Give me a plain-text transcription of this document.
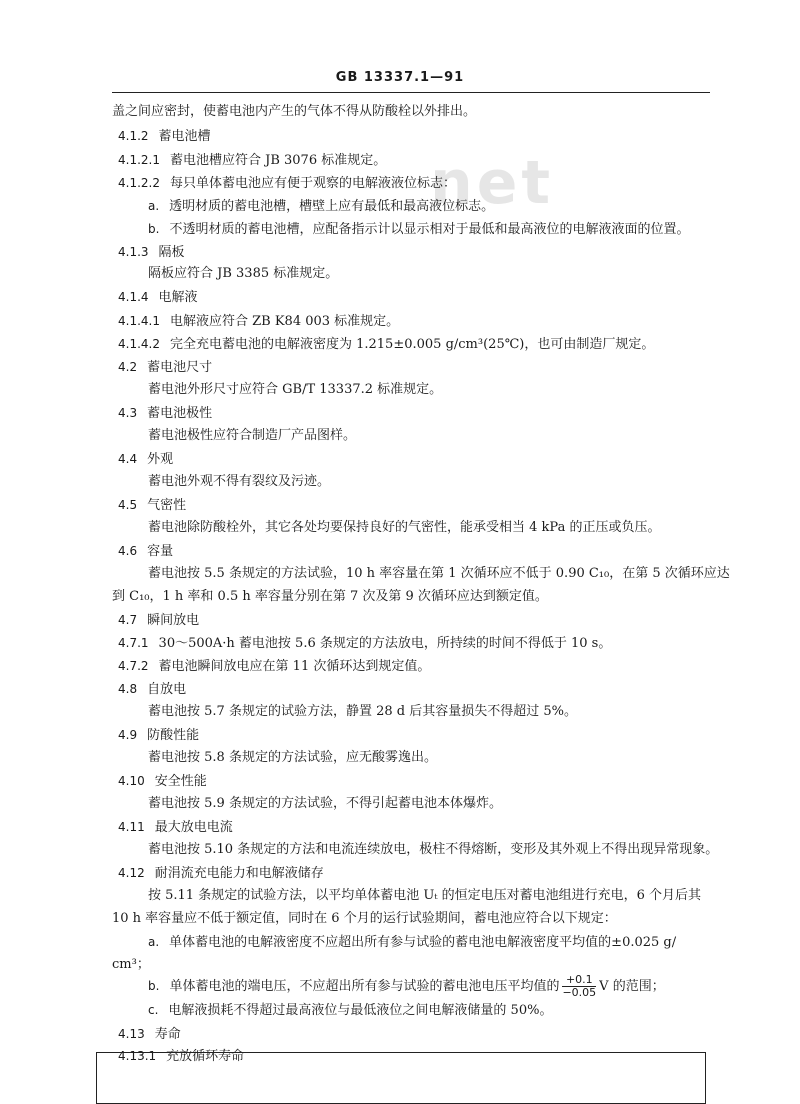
GB 13337.1—91
net
盖之间应密封，使蓄电池内产生的气体不得从防酸栓以外排出。
4.1.2 蓄电池槽
4.1.2.1 蓄电池槽应符合 JB 3076 标准规定。
4.1.2.2 每只单体蓄电池应有便于观察的电解液液位标志：
a. 透明材质的蓄电池槽，槽壁上应有最低和最高液位标志。
b. 不透明材质的蓄电池槽，应配备指示计以显示相对于最低和最高液位的电解液液面的位置。
4.1.3 隔板
隔板应符合 JB 3385 标准规定。
4.1.4 电解液
4.1.4.1 电解液应符合 ZB K84 003 标准规定。
4.1.4.2 完全充电蓄电池的电解液密度为 1.215±0.005 g/cm³(25℃)，也可由制造厂规定。
4.2 蓄电池尺寸
蓄电池外形尺寸应符合 GB/T 13337.2 标准规定。
4.3 蓄电池极性
蓄电池极性应符合制造厂产品图样。
4.4 外观
蓄电池外观不得有裂纹及污迹。
4.5 气密性
蓄电池除防酸栓外，其它各处均要保持良好的气密性，能承受相当 4 kPa 的正压或负压。
4.6 容量
蓄电池按 5.5 条规定的方法试验，10 h 率容量在第 1 次循环应不低于 0.90 C₁₀，在第 5 次循环应达
到 C₁₀，1 h 率和 0.5 h 率容量分别在第 7 次及第 9 次循环应达到额定值。
4.7 瞬间放电
4.7.1 30～500A·h 蓄电池按 5.6 条规定的方法放电，所持续的时间不得低于 10 s。
4.7.2 蓄电池瞬间放电应在第 11 次循环达到规定值。
4.8 自放电
蓄电池按 5.7 条规定的试验方法，静置 28 d 后其容量损失不得超过 5%。
4.9 防酸性能
蓄电池按 5.8 条规定的方法试验，应无酸雾逸出。
4.10 安全性能
蓄电池按 5.9 条规定的方法试验，不得引起蓄电池本体爆炸。
4.11 最大放电电流
蓄电池按 5.10 条规定的方法和电流连续放电，极柱不得熔断，变形及其外观上不得出现异常现象。
4.12 耐涓流充电能力和电解液储存
按 5.11 条规定的试验方法，以平均单体蓄电池 Uₜ 的恒定电压对蓄电池组进行充电，6 个月后其
10 h 率容量应不低于额定值，同时在 6 个月的运行试验期间，蓄电池应符合以下规定：
a. 单体蓄电池的电解液密度不应超出所有参与试验的蓄电池电解液密度平均值的±0.025 g/
cm³；
c. 电解液损耗不得超过最高液位与最低液位之间电解液储量的 50%。
4.13 寿命
4.13.1 充放循环寿命
b. 单体蓄电池的端电压，不应超出所有参与试验的蓄电池电压平均值的 $\frac{+0.1}{-0.05}$ V 的范围；
